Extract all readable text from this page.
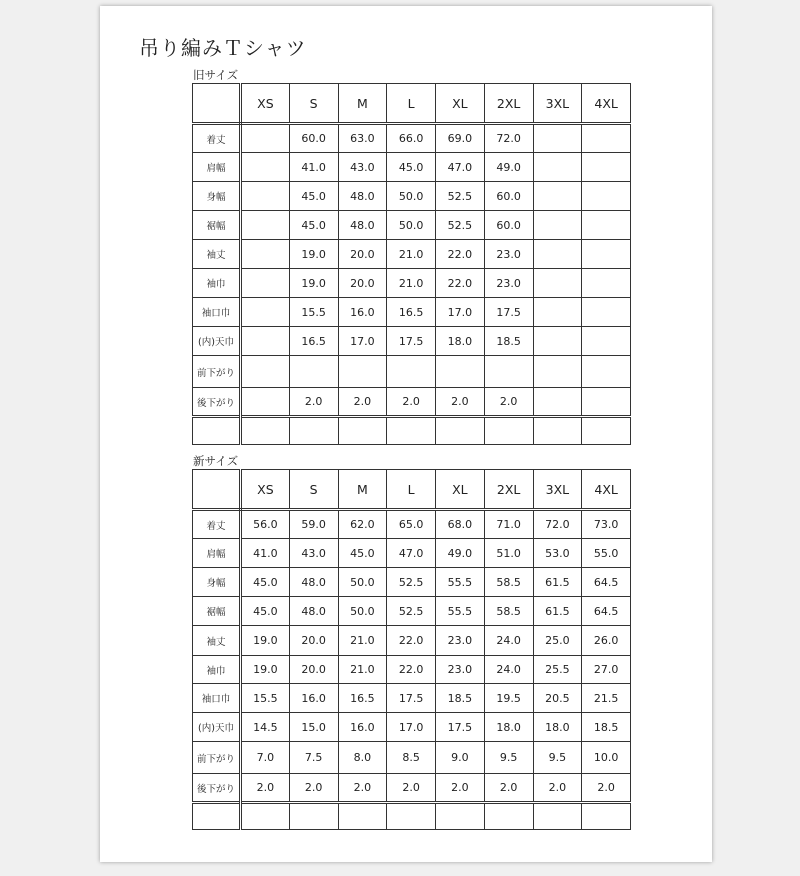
吊り編みＴシャツ
旧サイズ
	XS	S	M	L	XL	2XL	3XL	4XL
着丈		60.0	63.0	66.0	69.0	72.0		
肩幅		41.0	43.0	45.0	47.0	49.0		
身幅		45.0	48.0	50.0	52.5	60.0		
裾幅		45.0	48.0	50.0	52.5	60.0		
袖丈		19.0	20.0	21.0	22.0	23.0		
袖巾		19.0	20.0	21.0	22.0	23.0		
袖口巾		15.5	16.0	16.5	17.0	17.5		
(内)天巾		16.5	17.0	17.5	18.0	18.5		
前下がり								
後下がり		2.0	2.0	2.0	2.0	2.0		

新サイズ
	XS	S	M	L	XL	2XL	3XL	4XL
着丈	56.0	59.0	62.0	65.0	68.0	71.0	72.0	73.0
肩幅	41.0	43.0	45.0	47.0	49.0	51.0	53.0	55.0
身幅	45.0	48.0	50.0	52.5	55.5	58.5	61.5	64.5
裾幅	45.0	48.0	50.0	52.5	55.5	58.5	61.5	64.5
袖丈	19.0	20.0	21.0	22.0	23.0	24.0	25.0	26.0
袖巾	19.0	20.0	21.0	22.0	23.0	24.0	25.5	27.0
袖口巾	15.5	16.0	16.5	17.5	18.5	19.5	20.5	21.5
(内)天巾	14.5	15.0	16.0	17.0	17.5	18.0	18.0	18.5
前下がり	7.0	7.5	8.0	8.5	9.0	9.5	9.5	10.0
後下がり	2.0	2.0	2.0	2.0	2.0	2.0	2.0	2.0
